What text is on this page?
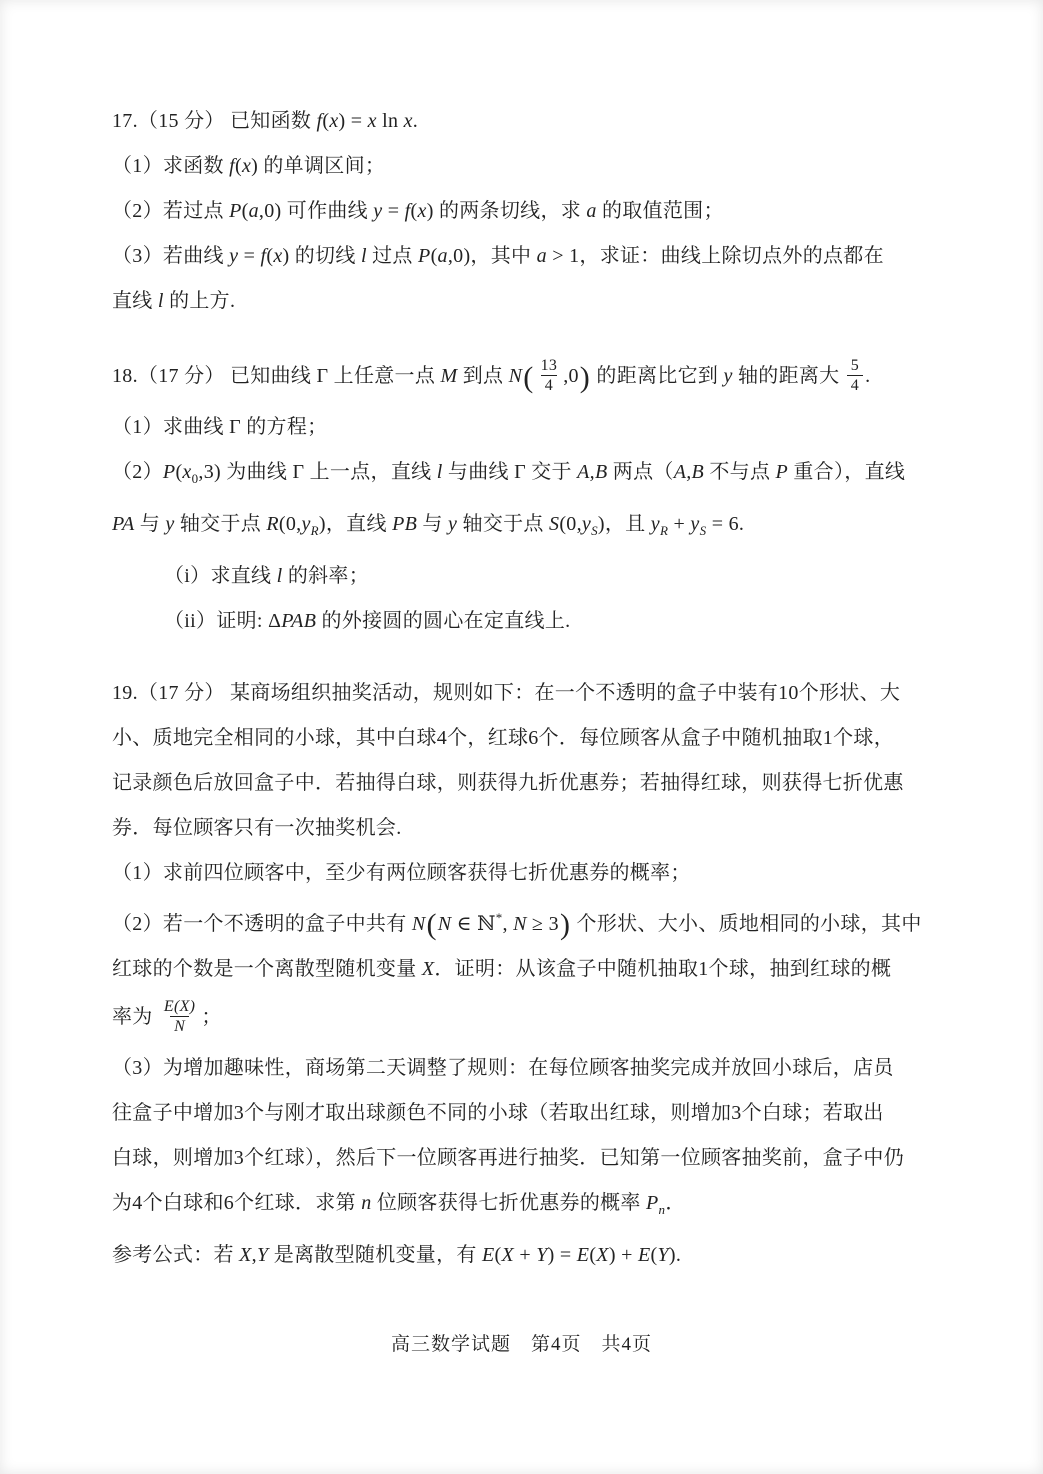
17.（15 分） 已知函数 f(x) = x ln x.
（1）求函数 f(x) 的单调区间；
（2）若过点 P(a,0) 可作曲线 y = f(x) 的两条切线，求 a 的取值范围；
（3）若曲线 y = f(x) 的切线 l 过点 P(a,0)，其中 a > 1，求证：曲线上除切点外的点都在
直线 l 的上方.
18.（17 分） 已知曲线 Γ 上任意一点 M 到点 $N( \frac{13}{4} ,0)$ 的距离比它到 y 轴的距离大 $\frac{5}{4}$ .
（1）求曲线 Γ 的方程；
$(2)P(x_0,3)$ 为曲线 Γ 上一点，直线 l 与曲线 Γ 交于 A,B 两点（A,B 不与点 P 重合），直线
PA 与 y 轴交于点 $R(0,y_R)$，直线 PB 与 y 轴交于点 $S(0,y_S)$，且 $y_R + y_S = 6$.
（i）求直线 l 的斜率；
（ii）证明: ΔPAB 的外接圆的圆心在定直线上.
19.（17 分） 某商场组织抽奖活动，规则如下：在一个不透明的盒子中装有10个形状、大
小、质地完全相同的小球，其中白球4个，红球6个．每位顾客从盒子中随机抽取1个球，
记录颜色后放回盒子中．若抽得白球，则获得九折优惠券；若抽得红球，则获得七折优惠
券．每位顾客只有一次抽奖机会.
（1）求前四位顾客中，至少有两位顾客获得七折优惠券的概率；
（2）若一个不透明的盒子中共有 N(N ∈ ℕ*, N ≥ 3) 个形状、大小、质地相同的小球，其中
红球的个数是一个离散型随机变量 X．证明：从该盒子中随机抽取1个球，抽到红球的概
率为 $\frac{E(X)}{N}$ ；
（3）为增加趣味性，商场第二天调整了规则：在每位顾客抽奖完成并放回小球后，店员
往盒子中增加3个与刚才取出球颜色不同的小球（若取出红球，则增加3个白球；若取出
白球，则增加3个红球），然后下一位顾客再进行抽奖．已知第一位顾客抽奖前，盒子中仍
为4个白球和6个红球．求第 n 位顾客获得七折优惠券的概率 $P_n$．
参考公式：若 X,Y 是离散型随机变量，有 E(X + Y) = E(X) + E(Y).
高三数学试题　第4页　共4页
